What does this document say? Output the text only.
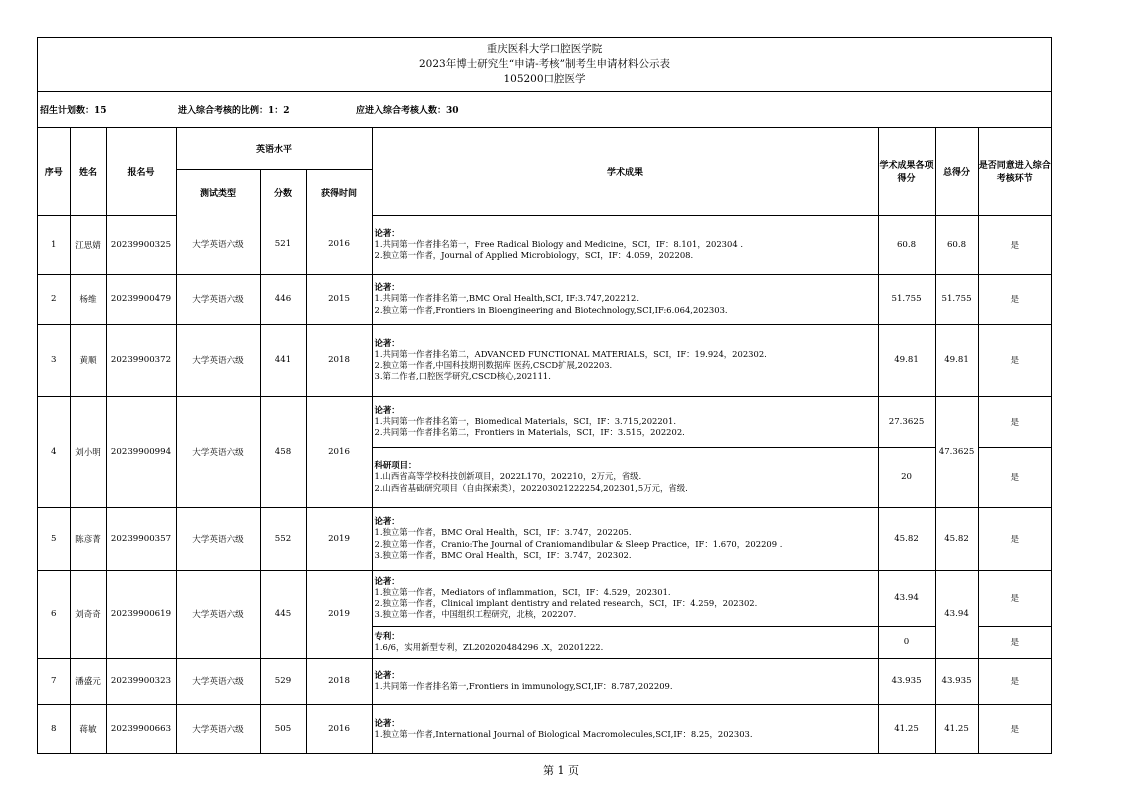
重庆医科大学口腔医学院
2023年博士研究生“申请-考核”制考生申请材料公示表
105200口腔医学
招生计划数：15	进入综合考核的比例：1：2	应进入综合考核人数：30
序号	姓名	报名号	英语水平			学术成果	学术成果各项得分	总得分	是否同意进入综合考核环节
			测试类型	分数	获得时间				
1	江思婧	20239900325	大学英语六级	521	2016	论著：
1.共同第一作者排名第一，Free Radical Biology and Medicine，SCI，IF：8.101，202304 .
2.独立第一作者，Journal of Applied Microbiology，SCI，IF：4.059，202208.	60.8	60.8	是
2	杨维	20239900479	大学英语六级	446	2015	论著：
1.共同第一作者排名第一,BMC Oral Health,SCI, IF:3.747,202212.
2.独立第一作者,Frontiers in Bioengineering and Biotechnology,SCI,IF:6.064,202303.	51.755	51.755	是
3	黄顺	20239900372	大学英语六级	441	2018	论著：
1.共同第一作者排名第二，ADVANCED FUNCTIONAL MATERIALS，SCI，IF：19.924，202302.
2.独立第一作者,中国科技期刊数据库 医药,CSCD扩展,202203.
3.第二作者,口腔医学研究,CSCD核心,202111.	49.81	49.81	是
4	刘小明	20239900994	大学英语六级	458	2016	论著：
1.共同第一作者排名第一，Biomedical Materials，SCI，IF：3.715,202201.
2.共同第一作者排名第二，Frontiers in Materials，SCI，IF：3.515，202202.	27.3625	47.3625	是

						科研项目：
1.山西省高等学校科技创新项目，2022L170，202210，2万元，省级.
2.山西省基础研究项目（自由探索类），202203021222254,202301,5万元，省级.	20		是
5	陈彦菁	20239900357	大学英语六级	552	2019	论著：
1.独立第一作者，BMC Oral Health，SCI，IF：3.747，202205.
2.独立第一作者，Cranio:The Journal of Craniomandibular & Sleep Practice，IF：1.670，202209 .
3.独立第一作者，BMC Oral Health，SCI，IF：3.747，202302.	45.82	45.82	是
6	刘奇奇	20239900619	大学英语六级	445	2019	论著：
1.独立第一作者，Mediators of inflammation，SCI，IF：4.529，202301.
2.独立第一作者，Clinical implant dentistry and related research，SCI，IF：4.259，202302.
3.独立第一作者，中国组织工程研究，北核，202207.	43.94	43.94	是

						专利：
1.6/6，实用新型专利，ZL202020484296 .X，20201222.	0		是
7	潘盛元	20239900323	大学英语六级	529	2018	论著：
1.共同第一作者排名第一,Frontiers in immunology,SCI,IF：8.787,202209.	43.935	43.935	是
8	蒋敏	20239900663	大学英语六级	505	2016	论著：
1.独立第一作者,International Journal of Biological Macromolecules,SCI,IF：8.25，202303.	41.25	41.25	是
第 1 页
